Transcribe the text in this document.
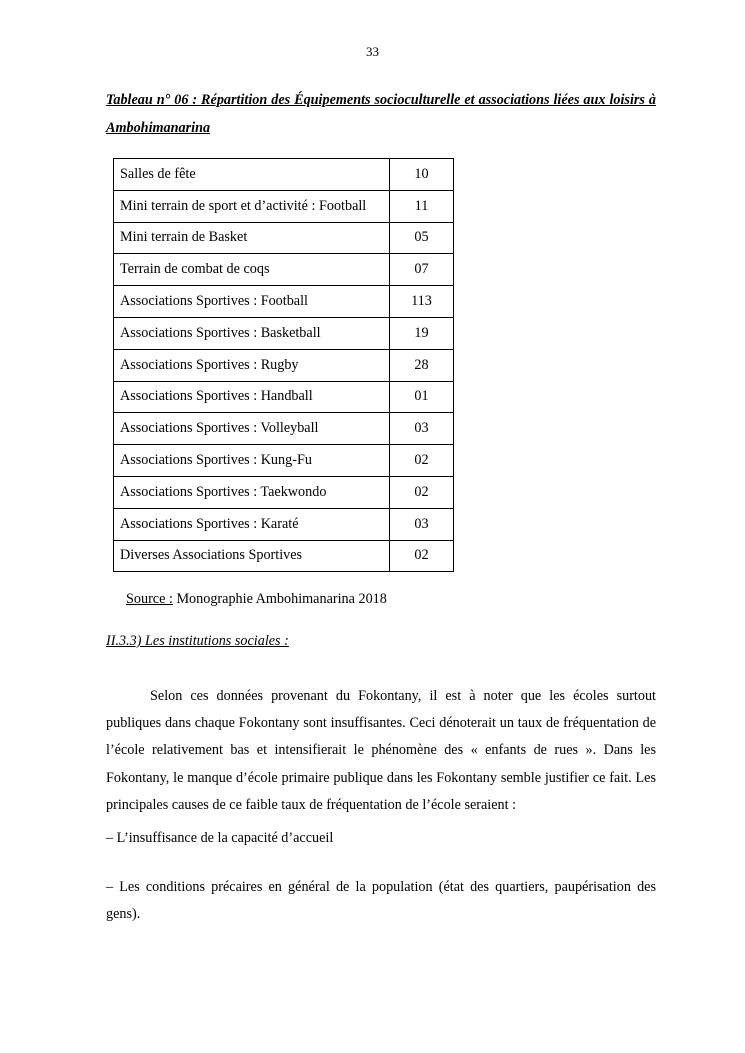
33
Tableau n° 06 : Répartition des Équipements socioculturelle et associations liées aux loisirs à Ambohimanarina
Salles de fête	10
Mini terrain de sport et d’activité : Football	11
Mini terrain de Basket	05
Terrain de combat de coqs	07
Associations Sportives : Football	113
Associations Sportives : Basketball	19
Associations Sportives : Rugby	28
Associations Sportives : Handball	01
Associations Sportives : Volleyball	03
Associations Sportives : Kung-Fu	02
Associations Sportives : Taekwondo	02
Associations Sportives : Karaté	03
Diverses Associations Sportives	02
Source : Monographie Ambohimanarina 2018
II.3.3) Les institutions sociales :

Selon ces données provenant du Fokontany, il est à noter que les écoles surtout publiques dans chaque Fokontany sont insuffisantes. Ceci dénoterait un taux de fréquentation de l’école relativement bas et intensifierait le phénomène des « enfants de rues ». Dans les Fokontany, le manque d’école primaire publique dans les Fokontany semble justifier ce fait. Les principales causes de ce faible taux de fréquentation de l’école seraient :

– L’insuffisance de la capacité d’accueil

– Les conditions précaires en général de la population (état des quartiers, paupérisation des gens).
